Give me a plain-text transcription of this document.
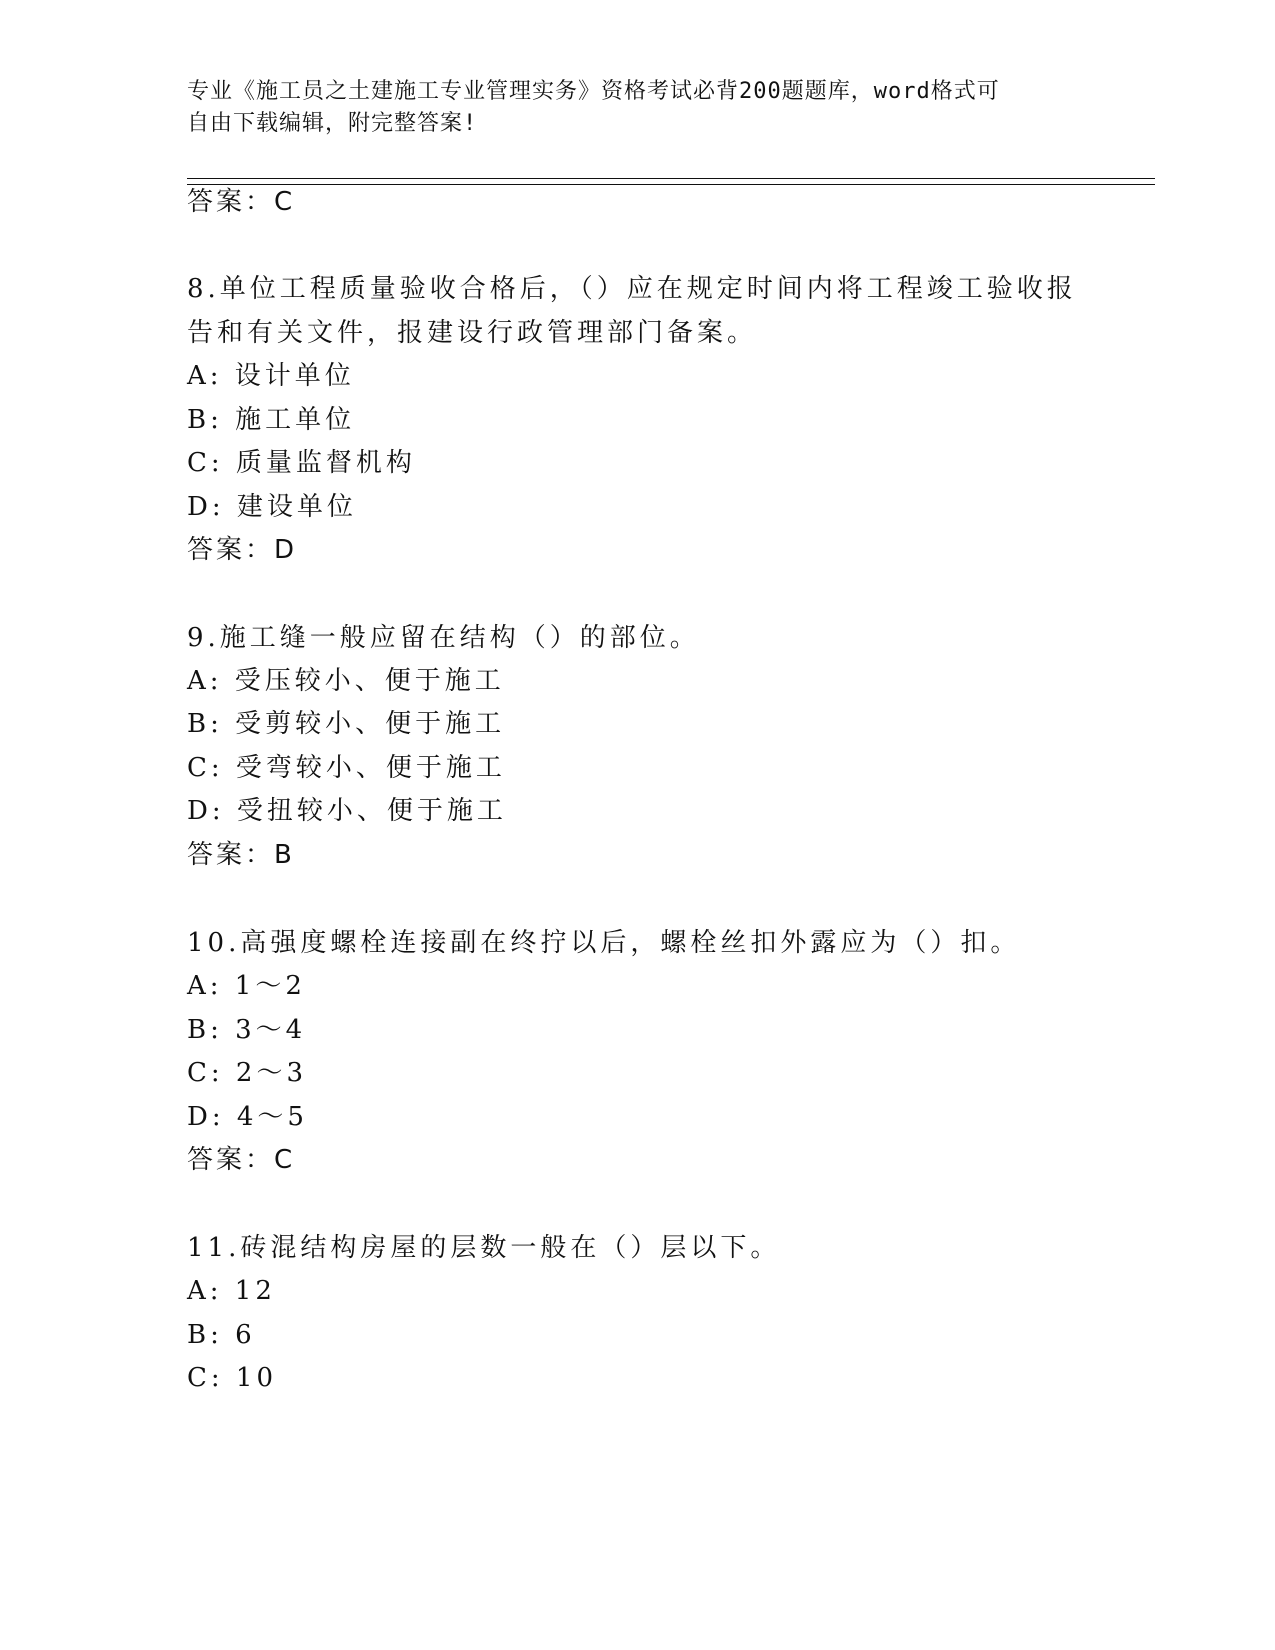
专业《施工员之土建施工专业管理实务》资格考试必背200题题库，word格式可
自由下载编辑，附完整答案!
答案：C
8.单位工程质量验收合格后，（）应在规定时间内将工程竣工验收报
告和有关文件，报建设行政管理部门备案。
A: 设计单位
B: 施工单位
C: 质量监督机构
D: 建设单位
答案：D
9.施工缝一般应留在结构（）的部位。
A: 受压较小、便于施工
B: 受剪较小、便于施工
C: 受弯较小、便于施工
D: 受扭较小、便于施工
答案：B
10.高强度螺栓连接副在终拧以后，螺栓丝扣外露应为（）扣。
A: 1～2
B: 3～4
C: 2～3
D: 4～5
答案：C
11.砖混结构房屋的层数一般在（）层以下。
A: 12
B: 6
C: 10
